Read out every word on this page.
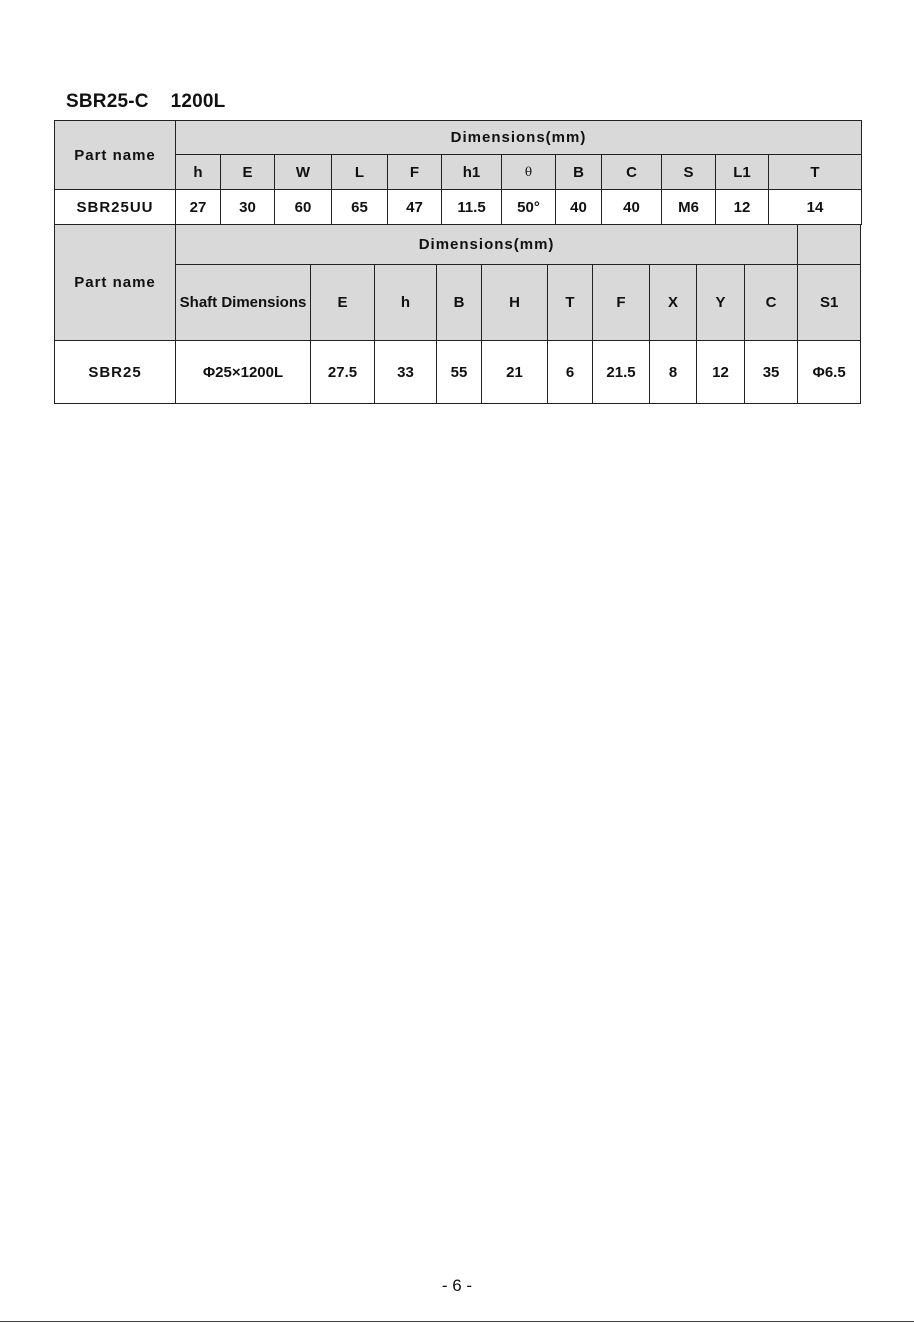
SBR25-C    1200L
Part name	Dimensions(mm)											
	h	E	W	L	F	h1	θ	B	C	S	L1	T
SBR25UU	27	30	60	65	47	11.5	50°	40	40	M6	12	14
Part name	Dimensions(mm)										
	Shaft Dimensions	E	h	B	H	T	F	X	Y	C	S1
SBR25	Φ25×1200L	27.5	33	55	21	6	21.5	8	12	35	Φ6.5
- 6 -
